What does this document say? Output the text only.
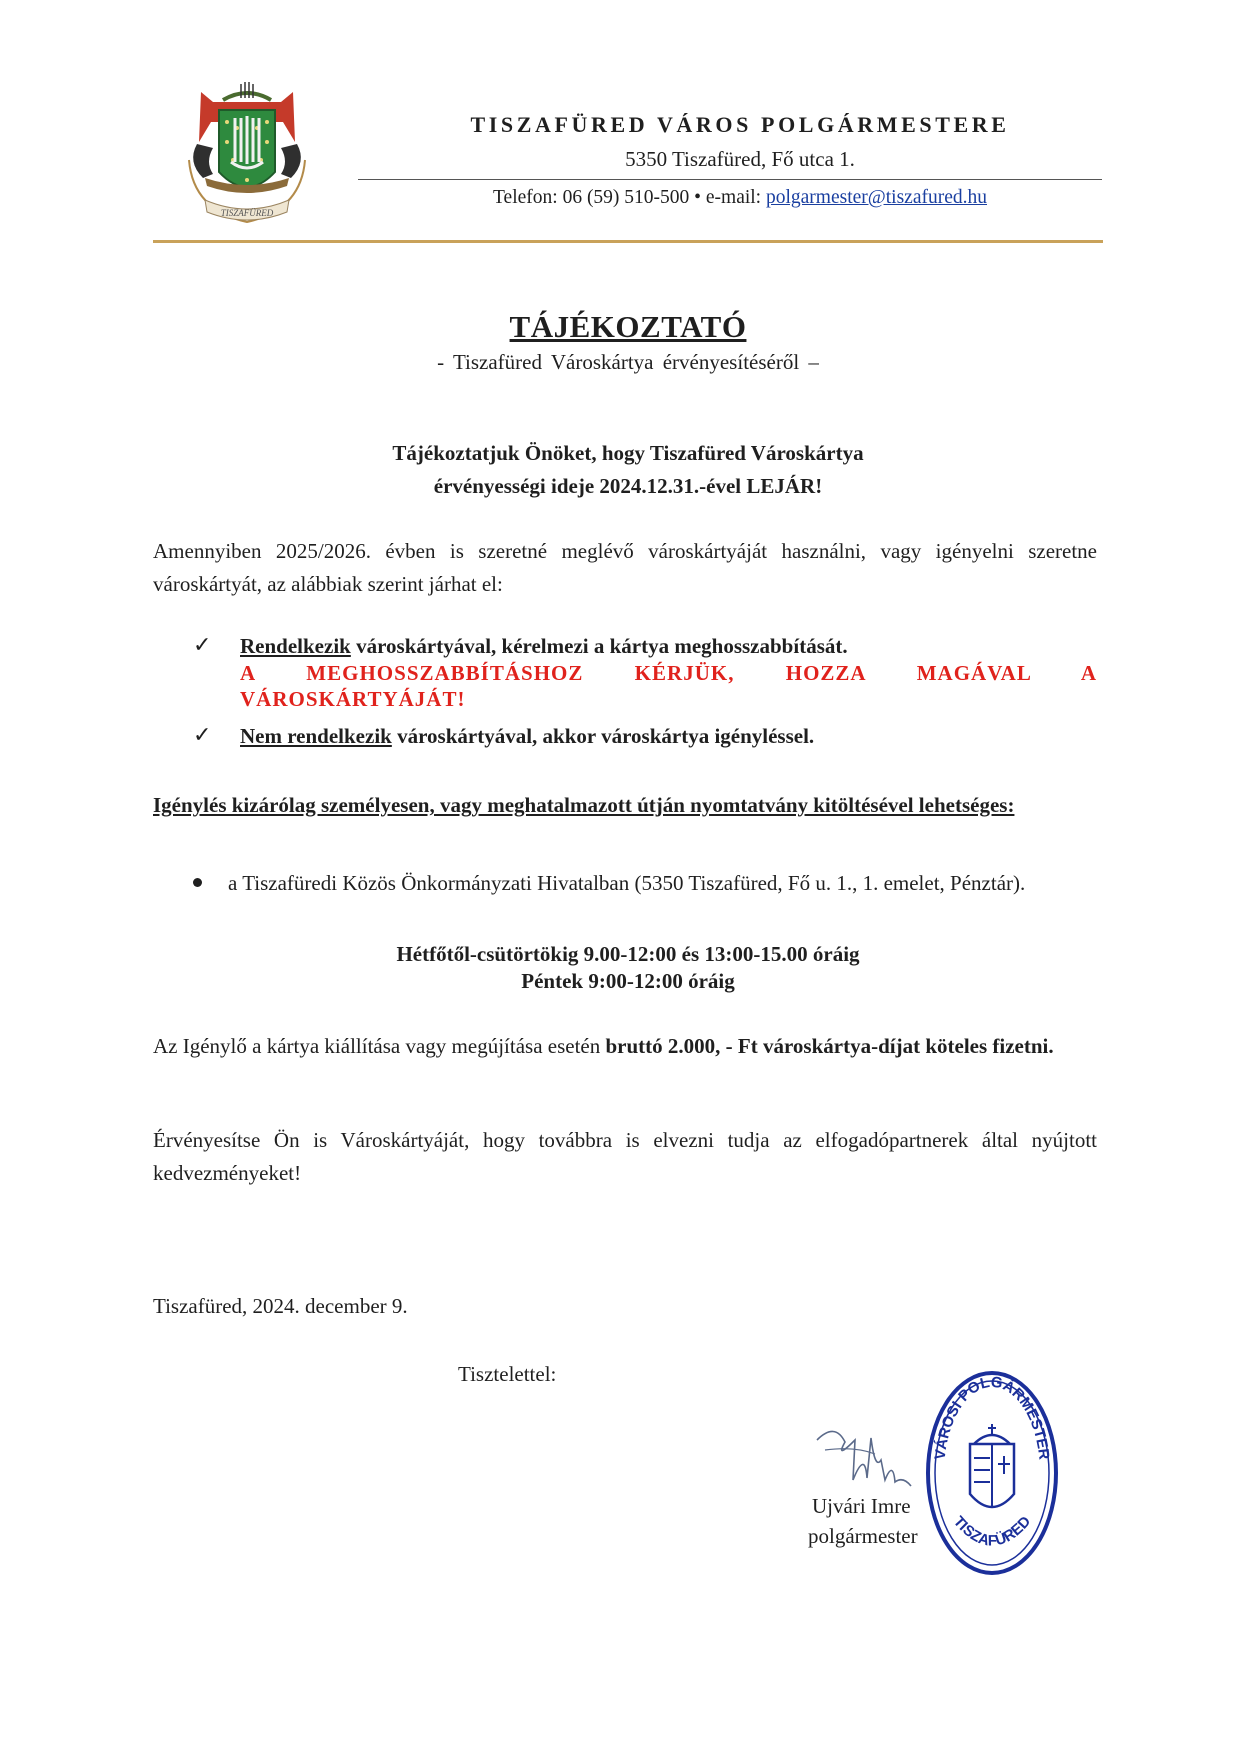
TISZAFÜRED
TISZAFÜRED VÁROS POLGÁRMESTERE
5350 Tiszafüred, Fő utca 1.
Telefon: 06 (59) 510-500 • e-mail: polgarmester@tiszafured.hu
TÁJÉKOZTATÓ
- Tiszafüred Városkártya érvényesítéséről –
Tájékoztatjuk Önöket, hogy Tiszafüred Városkártya
érvényességi ideje 2024.12.31.-ével LEJÁR!
Amennyiben 2025/2026. évben is szeretné meglévő városkártyáját használni, vagy igényelni szeretne városkártyát, az alábbiak szerint járhat el:
✓ Rendelkezik városkártyával, kérelmezi a kártya meghosszabbítását.
A MEGHOSSZABBÍTÁSHOZ KÉRJÜK, HOZZA MAGÁVAL A
VÁROSKÁRTYÁJÁT!
✓ Nem rendelkezik városkártyával, akkor városkártya igényléssel.
Igénylés kizárólag személyesen, vagy meghatalmazott útján nyomtatvány kitöltésével lehetséges:
a Tiszafüredi Közös Önkormányzati Hivatalban (5350 Tiszafüred, Fő u. 1., 1. emelet, Pénztár).
Hétfőtől-csütörtökig 9.00-12:00 és 13:00-15.00 óráig
Péntek 9:00-12:00 óráig
Az Igénylő a kártya kiállítása vagy megújítása esetén bruttó 2.000, - Ft városkártya-díjat köteles fizetni.
Érvényesítse Ön is Városkártyáját, hogy továbbra is elvezni tudja az elfogadópartnerek által nyújtott kedvezményeket!
Tiszafüred, 2024. december 9.
Tisztelettel:
Ujvári Imre
polgármester
VÁROSI POLGÁRMESTER
TISZAFÜRED
